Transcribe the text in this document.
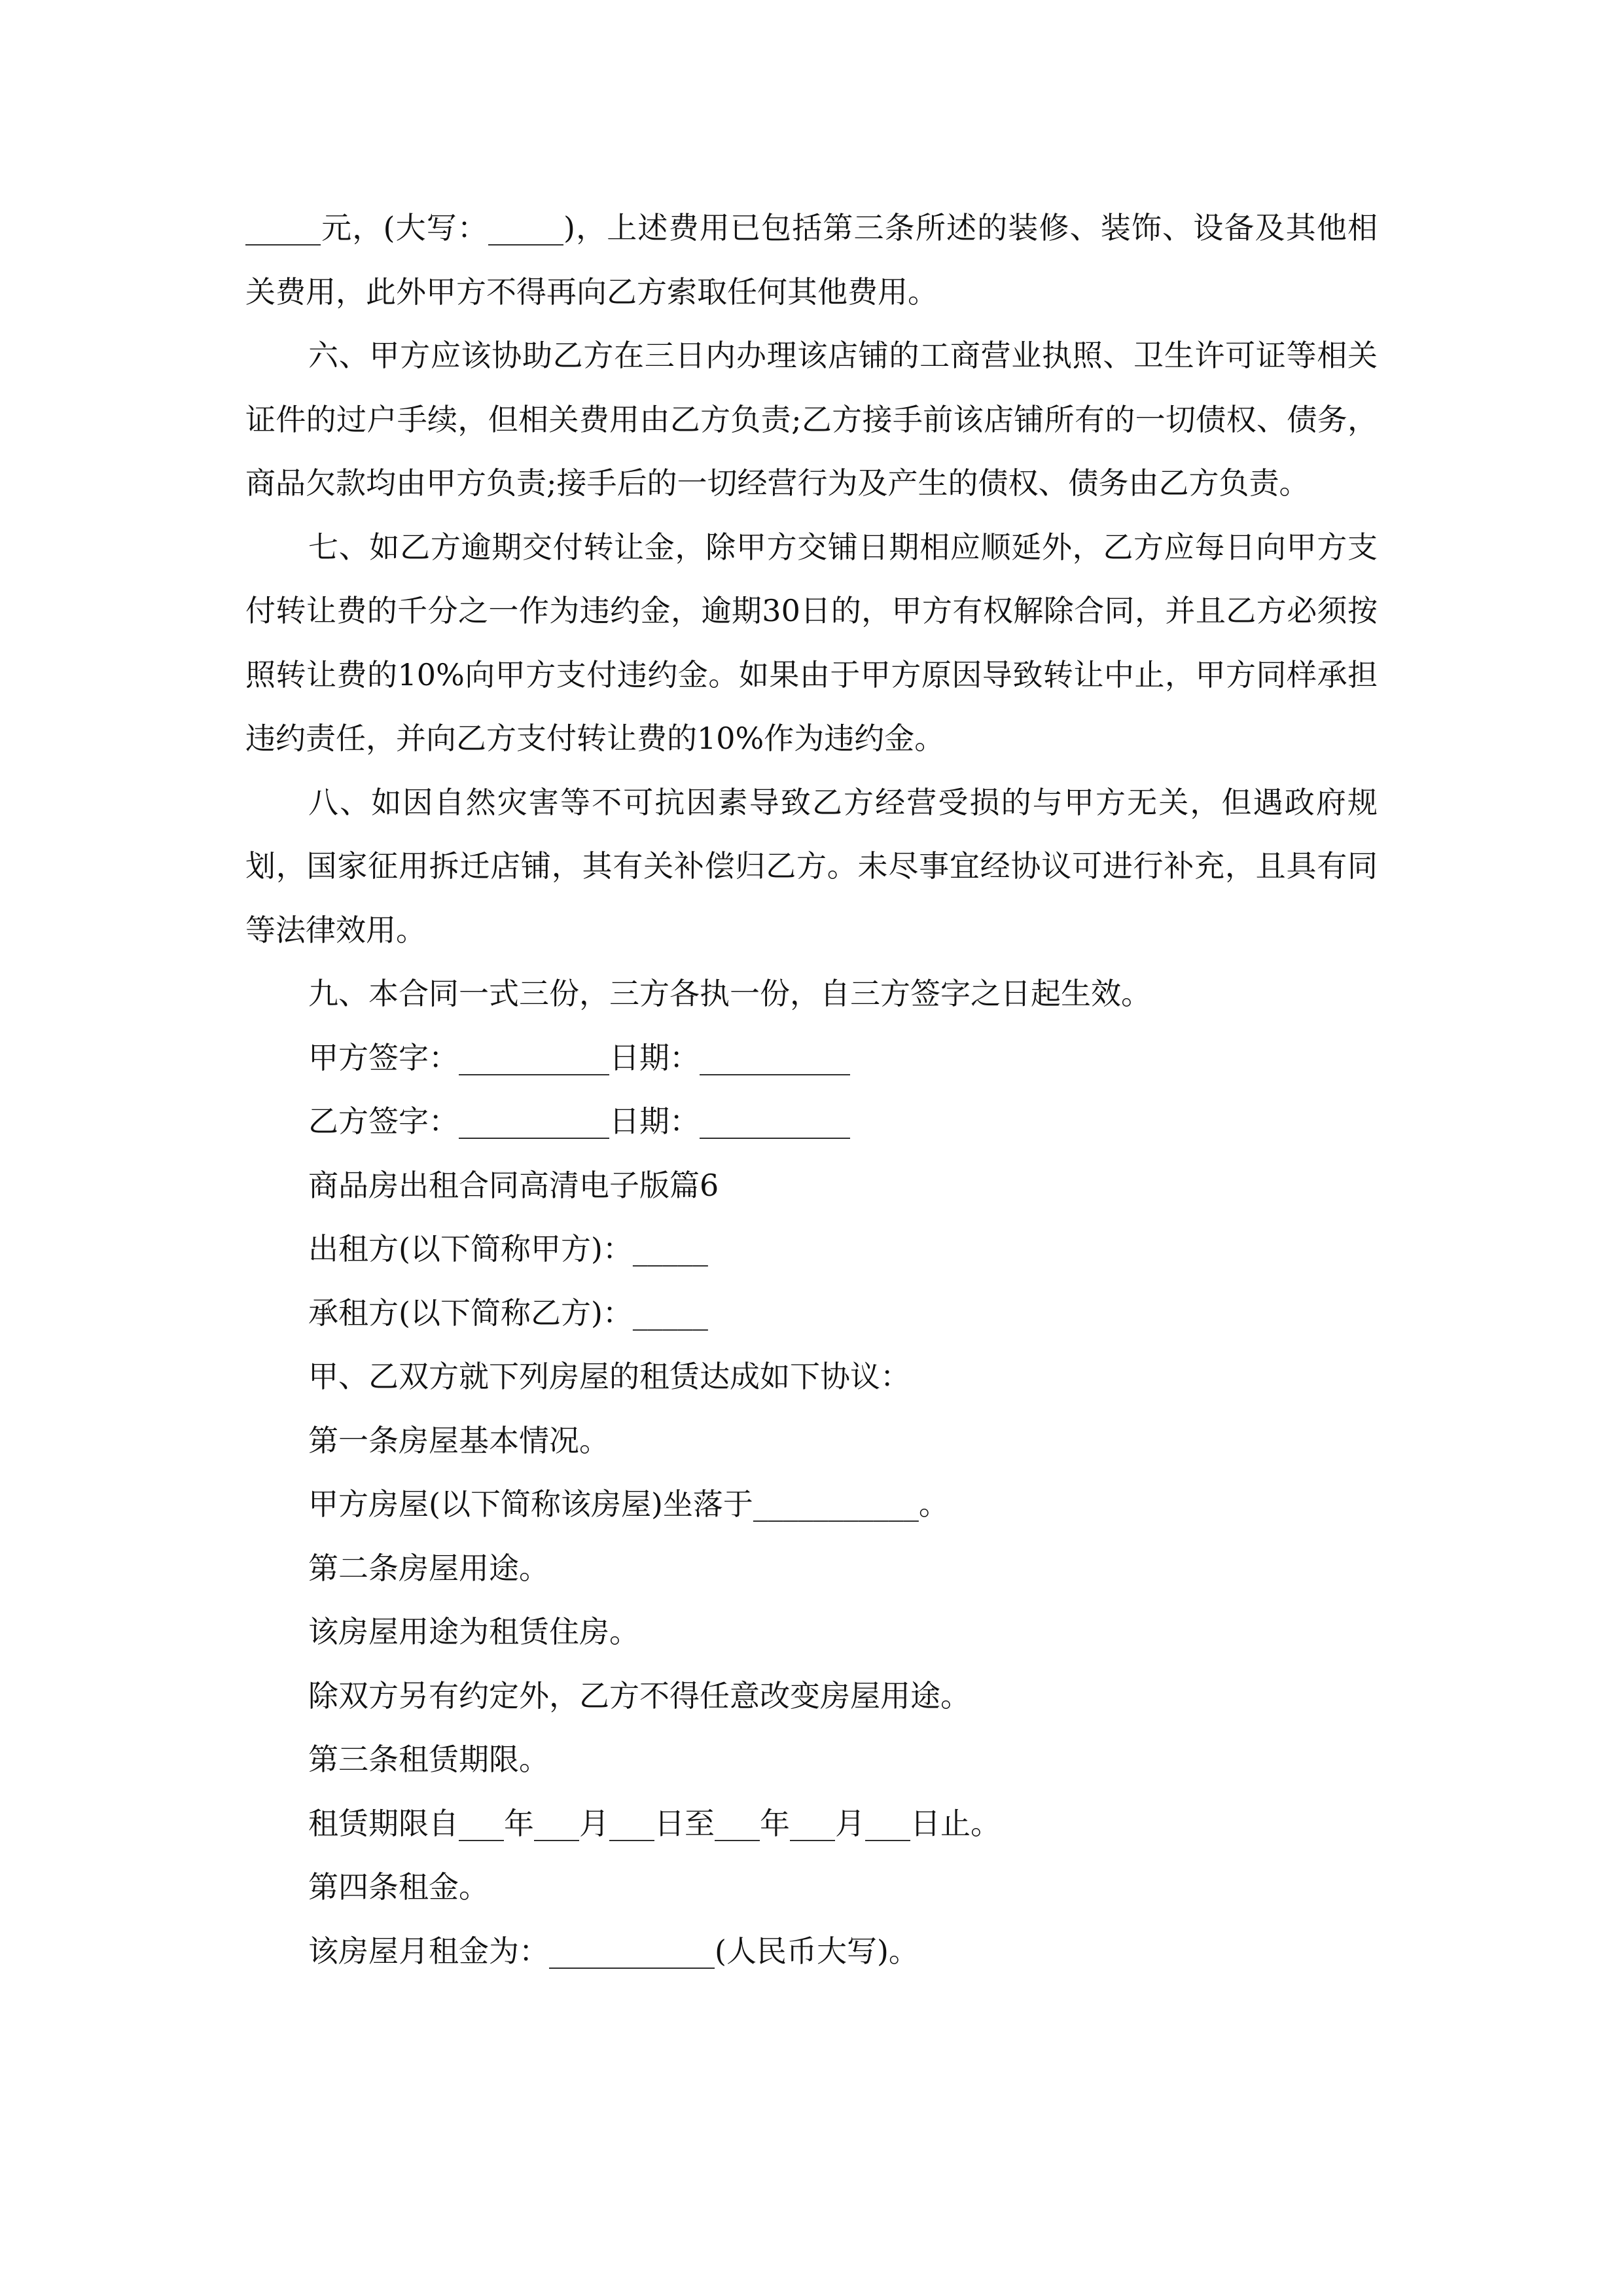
_____元，(大写：_____)，上述费用已包括第三条所述的装修、装饰、设备及其他相关费用，此外甲方不得再向乙方索取任何其他费用。

六、甲方应该协助乙方在三日内办理该店铺的工商营业执照、卫生许可证等相关证件的过户手续，但相关费用由乙方负责;乙方接手前该店铺所有的一切债权、债务，商品欠款均由甲方负责;接手后的一切经营行为及产生的债权、债务由乙方负责。

七、如乙方逾期交付转让金，除甲方交铺日期相应顺延外，乙方应每日向甲方支付转让费的千分之一作为违约金，逾期30日的，甲方有权解除合同，并且乙方必须按照转让费的10%向甲方支付违约金。如果由于甲方原因导致转让中止，甲方同样承担违约责任，并向乙方支付转让费的10%作为违约金。

八、如因自然灾害等不可抗因素导致乙方经营受损的与甲方无关，但遇政府规划，国家征用拆迁店铺，其有关补偿归乙方。未尽事宜经协议可进行补充，且具有同等法律效用。

九、本合同一式三份，三方各执一份，自三方签字之日起生效。

甲方签字：__________日期：__________

乙方签字：__________日期：__________

商品房出租合同高清电子版篇6

出租方(以下简称甲方)：_____

承租方(以下简称乙方)：_____

甲、乙双方就下列房屋的租赁达成如下协议：

第一条房屋基本情况。

甲方房屋(以下简称该房屋)坐落于___________。

第二条房屋用途。

该房屋用途为租赁住房。

除双方另有约定外，乙方不得任意改变房屋用途。

第三条租赁期限。

租赁期限自___年___月___日至___年___月___日止。

第四条租金。

该房屋月租金为：___________(人民币大写)。
